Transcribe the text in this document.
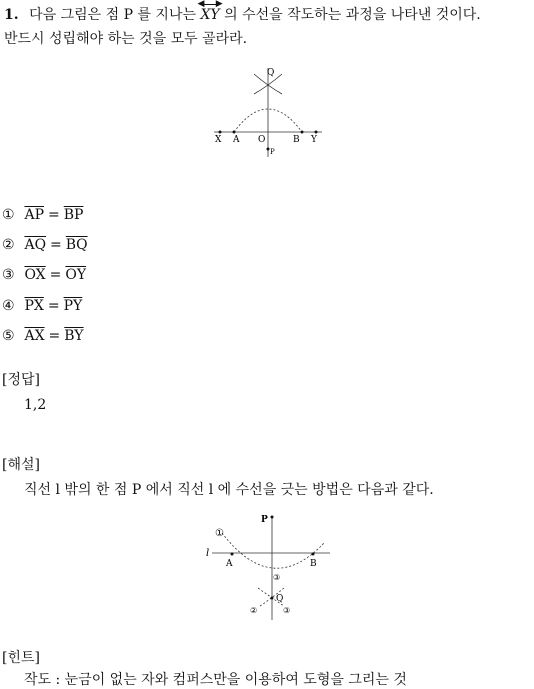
1. 다음 그림은 점 P 를 지나는
◀
XY
▶
의 수선을 작도하는 과정을 나타낸 것이다.
반드시 성립해야 하는 것을 모두 골라라.
Q
X A O	B Y
P
① $\overline{AP} = \overline{BP}$
② $\overline{AQ} = \overline{BQ}$
③ $\overline{OX} = \overline{OY}$
④ $\overline{PX} = \overline{PY}$
⑤ $\overline{AX} = \overline{BY}$
[정답]
1,2
[해설]
직선 l 밖의 한 점 P 에서 직선 l 에 수선을 긋는 방법은 다음과 같다.
P
l
A	B
①
③
Q
②	③
[힌트]
작도 : 눈금이 없는 자와 컴퍼스만을 이용하여 도형을 그리는 것
